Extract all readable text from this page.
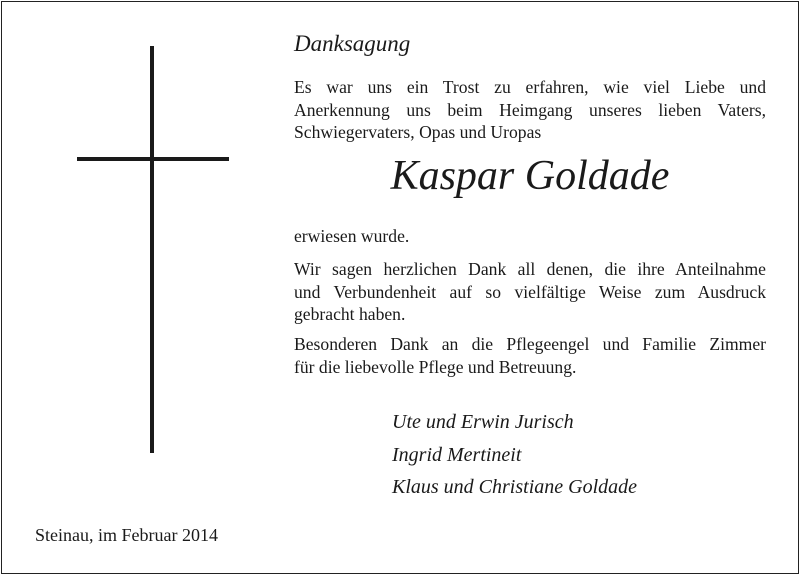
Danksagung
Es war uns ein Trost zu erfahren, wie viel Liebe und
Anerkennung uns beim Heimgang unseres lieben Vaters,
Schwiegervaters, Opas und Uropas
Kaspar Goldade
erwiesen wurde.
Wir sagen herzlichen Dank all denen, die ihre Anteilnahme
und Verbundenheit auf so vielfältige Weise zum Ausdruck
gebracht haben.
Besonderen Dank an die Pflegeengel und Familie Zimmer
für die liebevolle Pflege und Betreuung.
Ute und Erwin Jurisch
Ingrid Mertineit
Klaus und Christiane Goldade
Steinau, im Februar 2014
